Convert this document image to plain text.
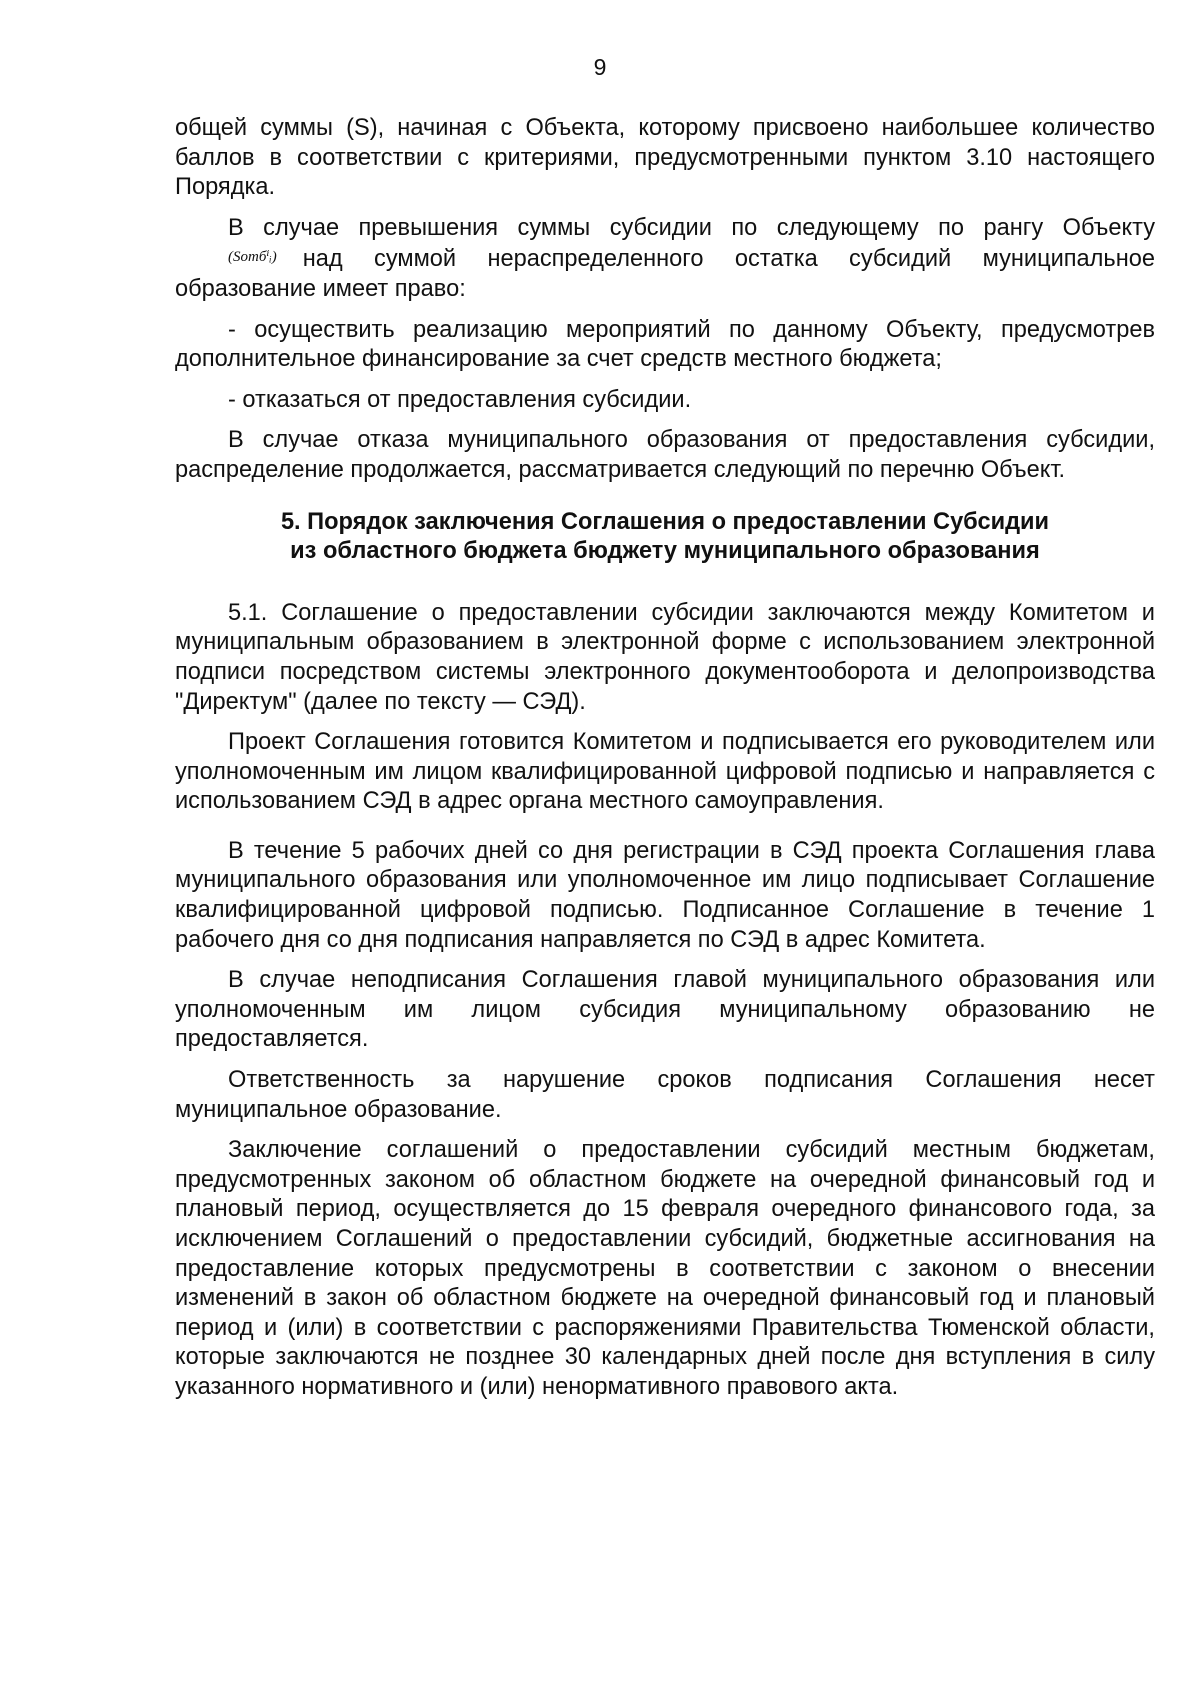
9

общей суммы (S), начиная с Объекта, которому присвоено наибольшее количество баллов в соответствии с критериями, предусмотренными пунктом 3.10 настоящего Порядка.

В случае превышения суммы субсидии по следующему по рангу Объекту (Sотбⁱᵢ) над суммой нераспределенного остатка субсидий муниципальное образование имеет право:

- осуществить реализацию мероприятий по данному Объекту, предусмотрев дополнительное финансирование за счет средств местного бюджета;

- отказаться от предоставления субсидии.

В случае отказа муниципального образования от предоставления субсидии, распределение продолжается, рассматривается следующий по перечню Объект.

5. Порядок заключения Соглашения о предоставлении Субсидии
из областного бюджета бюджету муниципального образования

5.1. Соглашение о предоставлении субсидии заключаются между Комитетом и муниципальным образованием в электронной форме с использованием электронной подписи посредством системы электронного документооборота и делопроизводства "Директум" (далее по тексту — СЭД).

Проект Соглашения готовится Комитетом и подписывается его руководителем или уполномоченным им лицом квалифицированной цифровой подписью и направляется с использованием СЭД в адрес органа местного самоуправления.

В течение 5 рабочих дней со дня регистрации в СЭД проекта Соглашения глава муниципального образования или уполномоченное им лицо подписывает Соглашение квалифицированной цифровой подписью. Подписанное Соглашение в течение 1 рабочего дня со дня подписания направляется по СЭД в адрес Комитета.

В случае неподписания Соглашения главой муниципального образования или уполномоченным им лицом субсидия муниципальному образованию не предоставляется.

Ответственность за нарушение сроков подписания Соглашения несет муниципальное образование.

Заключение соглашений о предоставлении субсидий местным бюджетам, предусмотренных законом об областном бюджете на очередной финансовый год и плановый период, осуществляется до 15 февраля очередного финансового года, за исключением Соглашений о предоставлении субсидий, бюджетные ассигнования на предоставление которых предусмотрены в соответствии с законом о внесении изменений в закон об областном бюджете на очередной финансовый год и плановый период и (или) в соответствии с распоряжениями Правительства Тюменской области, которые заключаются не позднее 30 календарных дней после дня вступления в силу указанного нормативного и (или) ненормативного правового акта.
